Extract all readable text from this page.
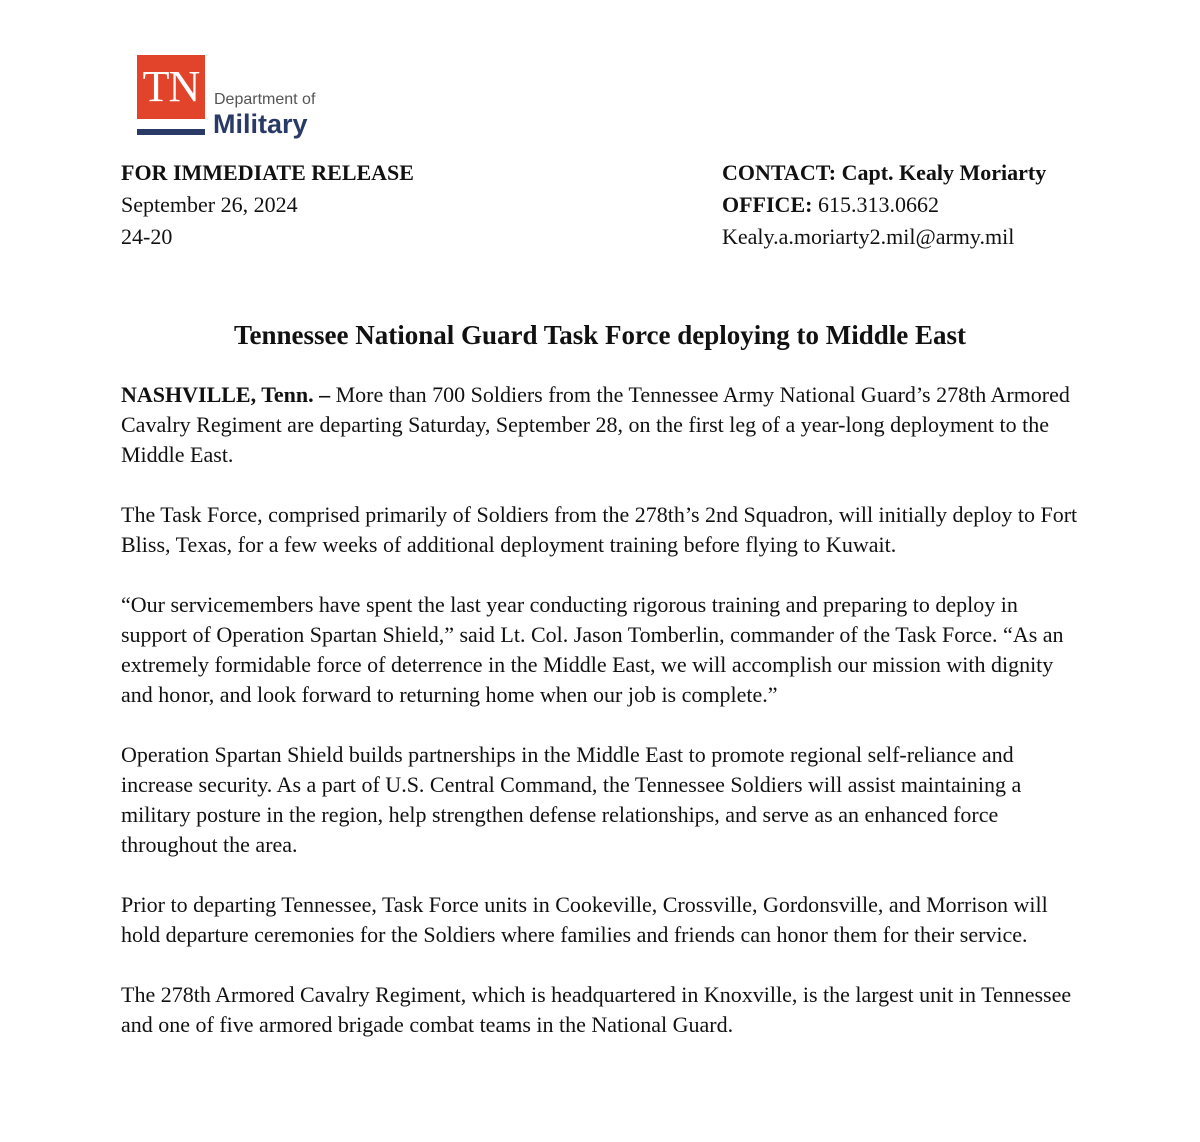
TN Department of
Military
FOR IMMEDIATE RELEASE
September 26, 2024
24-20
CONTACT: Capt. Kealy Moriarty
OFFICE: 615.313.0662
Kealy.a.moriarty2.mil@army.mil
Tennessee National Guard Task Force deploying to Middle East

NASHVILLE, Tenn. – More than 700 Soldiers from the Tennessee Army National Guard’s 278th Armored Cavalry Regiment are departing Saturday, September 28, on the first leg of a year-long deployment to the Middle East.

The Task Force, comprised primarily of Soldiers from the 278th’s 2nd Squadron, will initially deploy to Fort Bliss, Texas, for a few weeks of additional deployment training before flying to Kuwait.

“Our servicemembers have spent the last year conducting rigorous training and preparing to deploy in support of Operation Spartan Shield,” said Lt. Col. Jason Tomberlin, commander of the Task Force. “As an extremely formidable force of deterrence in the Middle East, we will accomplish our mission with dignity and honor, and look forward to returning home when our job is complete.”

Operation Spartan Shield builds partnerships in the Middle East to promote regional self-reliance and increase security. As a part of U.S. Central Command, the Tennessee Soldiers will assist maintaining a military posture in the region, help strengthen defense relationships, and serve as an enhanced force throughout the area.

Prior to departing Tennessee, Task Force units in Cookeville, Crossville, Gordonsville, and Morrison will hold departure ceremonies for the Soldiers where families and friends can honor them for their service.

The 278th Armored Cavalry Regiment, which is headquartered in Knoxville, is the largest unit in Tennessee and one of five armored brigade combat teams in the National Guard.
